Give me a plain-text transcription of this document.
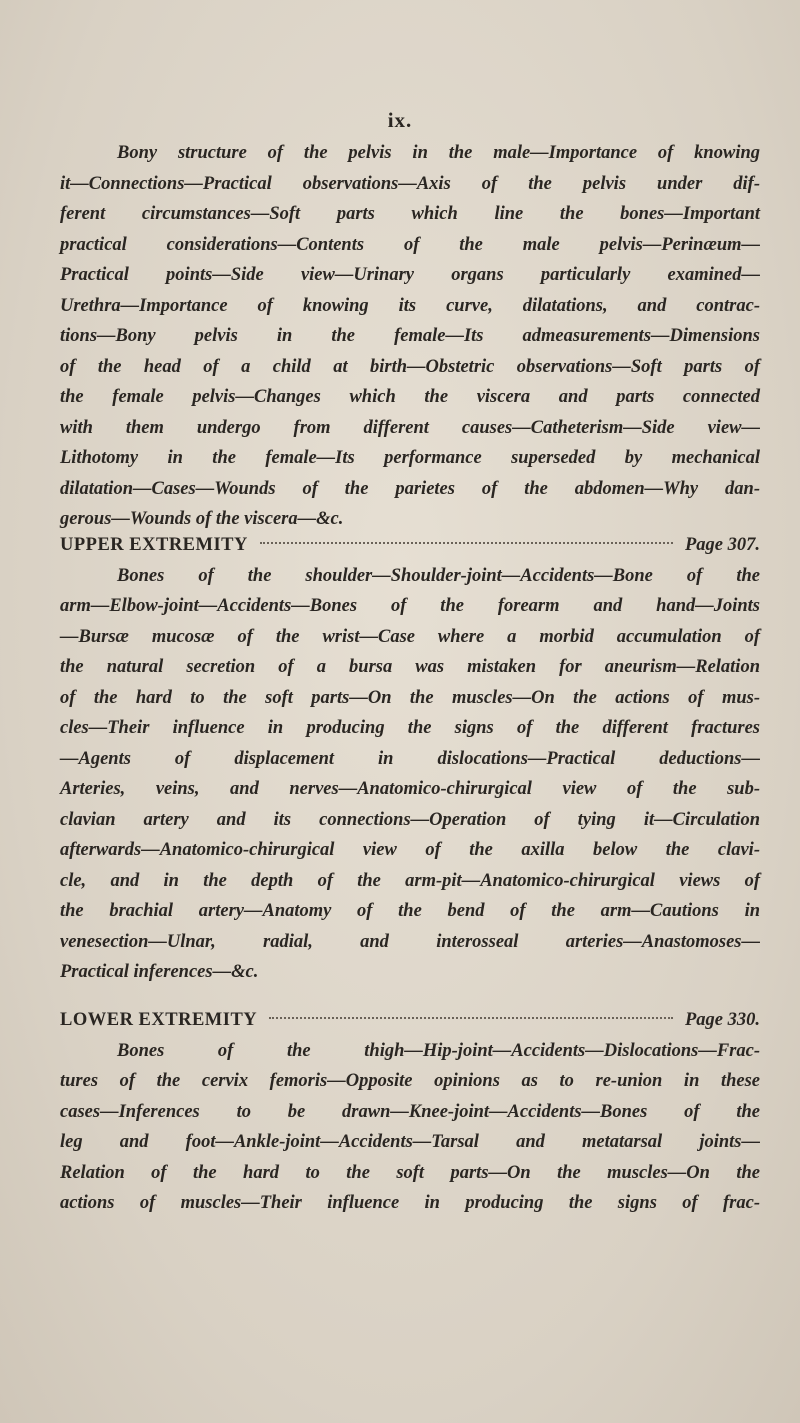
ix.
Bony structure of the pelvis in the male—Importance of knowing
it—Connections—Practical observations—Axis of the pelvis under dif-
ferent circumstances—Soft parts which line the bones—Important
practical considerations—Contents of the male pelvis—Perinæum—
Practical points—Side view—Urinary organs particularly examined—
Urethra—Importance of knowing its curve, dilatations, and contrac-
tions—Bony pelvis in the female—Its admeasurements—Dimensions
of the head of a child at birth—Obstetric observations—Soft parts of
the female pelvis—Changes which the viscera and parts connected
with them undergo from different causes—Catheterism—Side view—
Lithotomy in the female—Its performance superseded by mechanical
dilatation—Cases—Wounds of the parietes of the abdomen—Why dan-
gerous—Wounds of the viscera—&c.
UPPER EXTREMITY	Page 307.
Bones of the shoulder—Shoulder-joint—Accidents—Bone of the
arm—Elbow-joint—Accidents—Bones of the forearm and hand—Joints
—Bursæ mucosæ of the wrist—Case where a morbid accumulation of
the natural secretion of a bursa was mistaken for aneurism—Relation
of the hard to the soft parts—On the muscles—On the actions of mus-
cles—Their influence in producing the signs of the different fractures
—Agents of displacement in dislocations—Practical deductions—
Arteries, veins, and nerves—Anatomico-chirurgical view of the sub-
clavian artery and its connections—Operation of tying it—Circulation
afterwards—Anatomico-chirurgical view of the axilla below the clavi-
cle, and in the depth of the arm-pit—Anatomico-chirurgical views of
the brachial artery—Anatomy of the bend of the arm—Cautions in
venesection—Ulnar, radial, and interosseal arteries—Anastomoses—
Practical inferences—&c.
LOWER EXTREMITY	Page 330.
Bones of the thigh—Hip-joint—Accidents—Dislocations—Frac-
tures of the cervix femoris—Opposite opinions as to re-union in these
cases—Inferences to be drawn—Knee-joint—Accidents—Bones of the
leg and foot—Ankle-joint—Accidents—Tarsal and metatarsal joints—
Relation of the hard to the soft parts—On the muscles—On the
actions of muscles—Their influence in producing the signs of frac-
